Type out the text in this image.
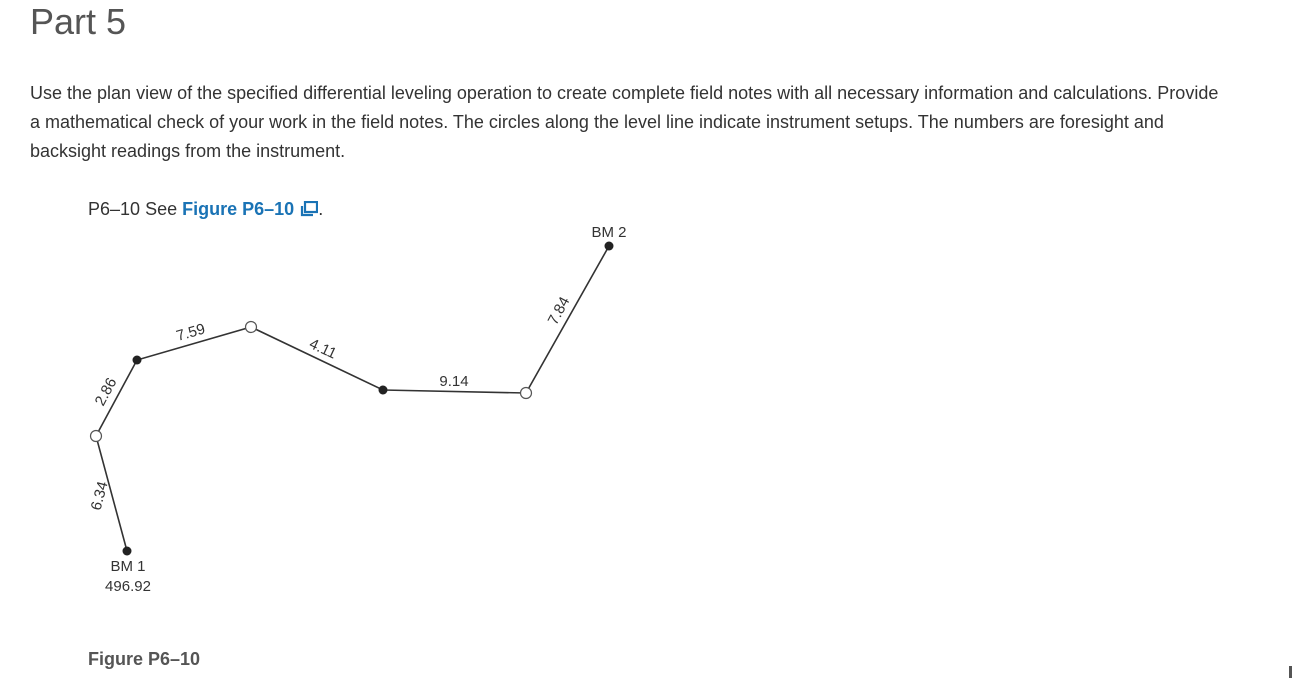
Part 5

Use the plan view of the specified differential leveling operation to create complete field notes with all necessary information and calculations. Provide a mathematical check of your work in the field notes. The circles along the level line indicate instrument setups. The numbers are foresight and backsight readings from the instrument.

P6–10 See Figure P6–10 .
6.34
2.86
7.59
4.11
9.14
7.84
BM 2
BM 1
496.92
Figure P6–10
